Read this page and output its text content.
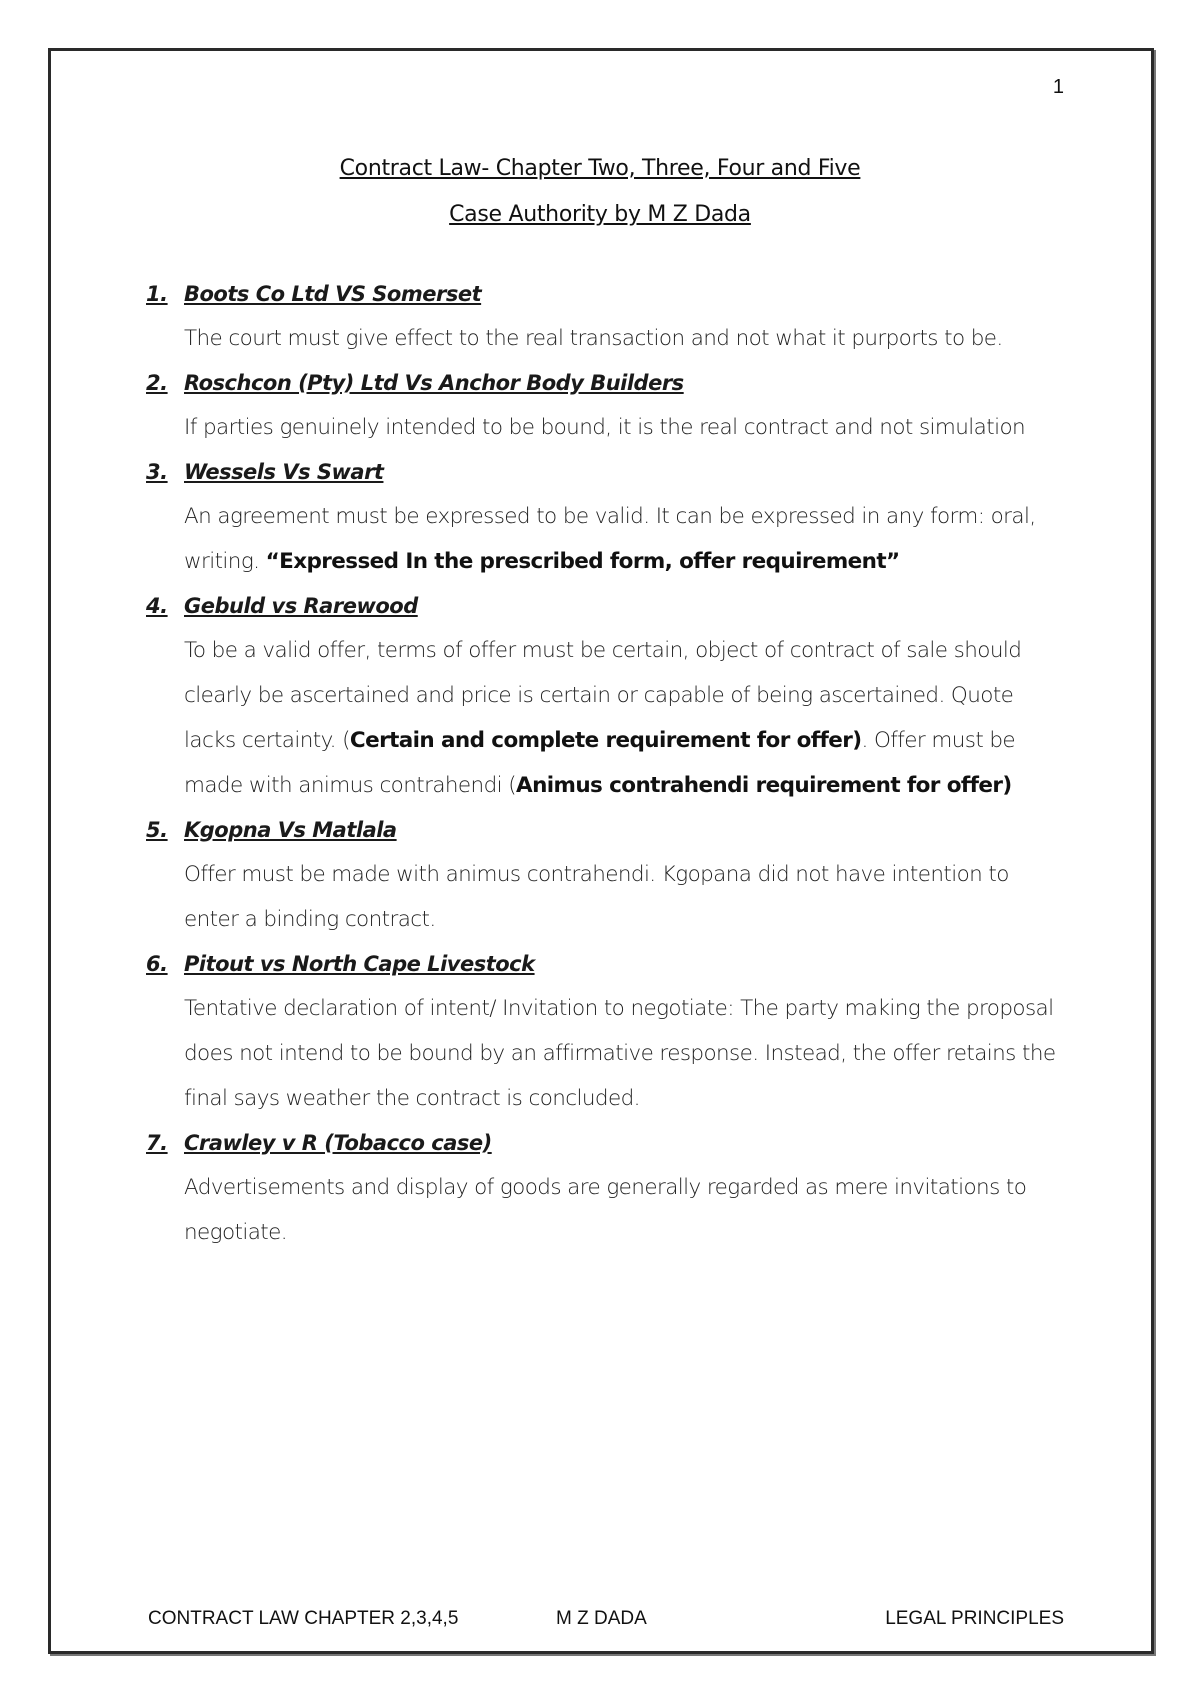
1
Contract Law- Chapter Two, Three, Four and Five
Case Authority by M Z Dada
1. Boots Co Ltd VS Somerset
The court must give effect to the real transaction and not what it purports to be.
2. Roschcon (Pty) Ltd Vs Anchor Body Builders
If parties genuinely intended to be bound, it is the real contract and not simulation
3. Wessels Vs Swart
An agreement must be expressed to be valid. It can be expressed in any form: oral, writing. “Expressed In the prescribed form, offer requirement”
4. Gebuld vs Rarewood
To be a valid offer, terms of offer must be certain, object of contract of sale should clearly be ascertained and price is certain or capable of being ascertained. Quote lacks certainty. (Certain and complete requirement for offer). Offer must be made with animus contrahendi (Animus contrahendi requirement for offer)
5. Kgopna Vs Matlala
Offer must be made with animus contrahendi. Kgopana did not have intention to enter a binding contract.
6. Pitout vs North Cape Livestock
Tentative declaration of intent/ Invitation to negotiate: The party making the proposal does not intend to be bound by an affirmative response. Instead, the offer retains the final says weather the contract is concluded.
7. Crawley v R (Tobacco case)
Advertisements and display of goods are generally regarded as mere invitations to negotiate.
CONTRACT LAW CHAPTER 2,3,4,5	M Z DADA	LEGAL PRINCIPLES
